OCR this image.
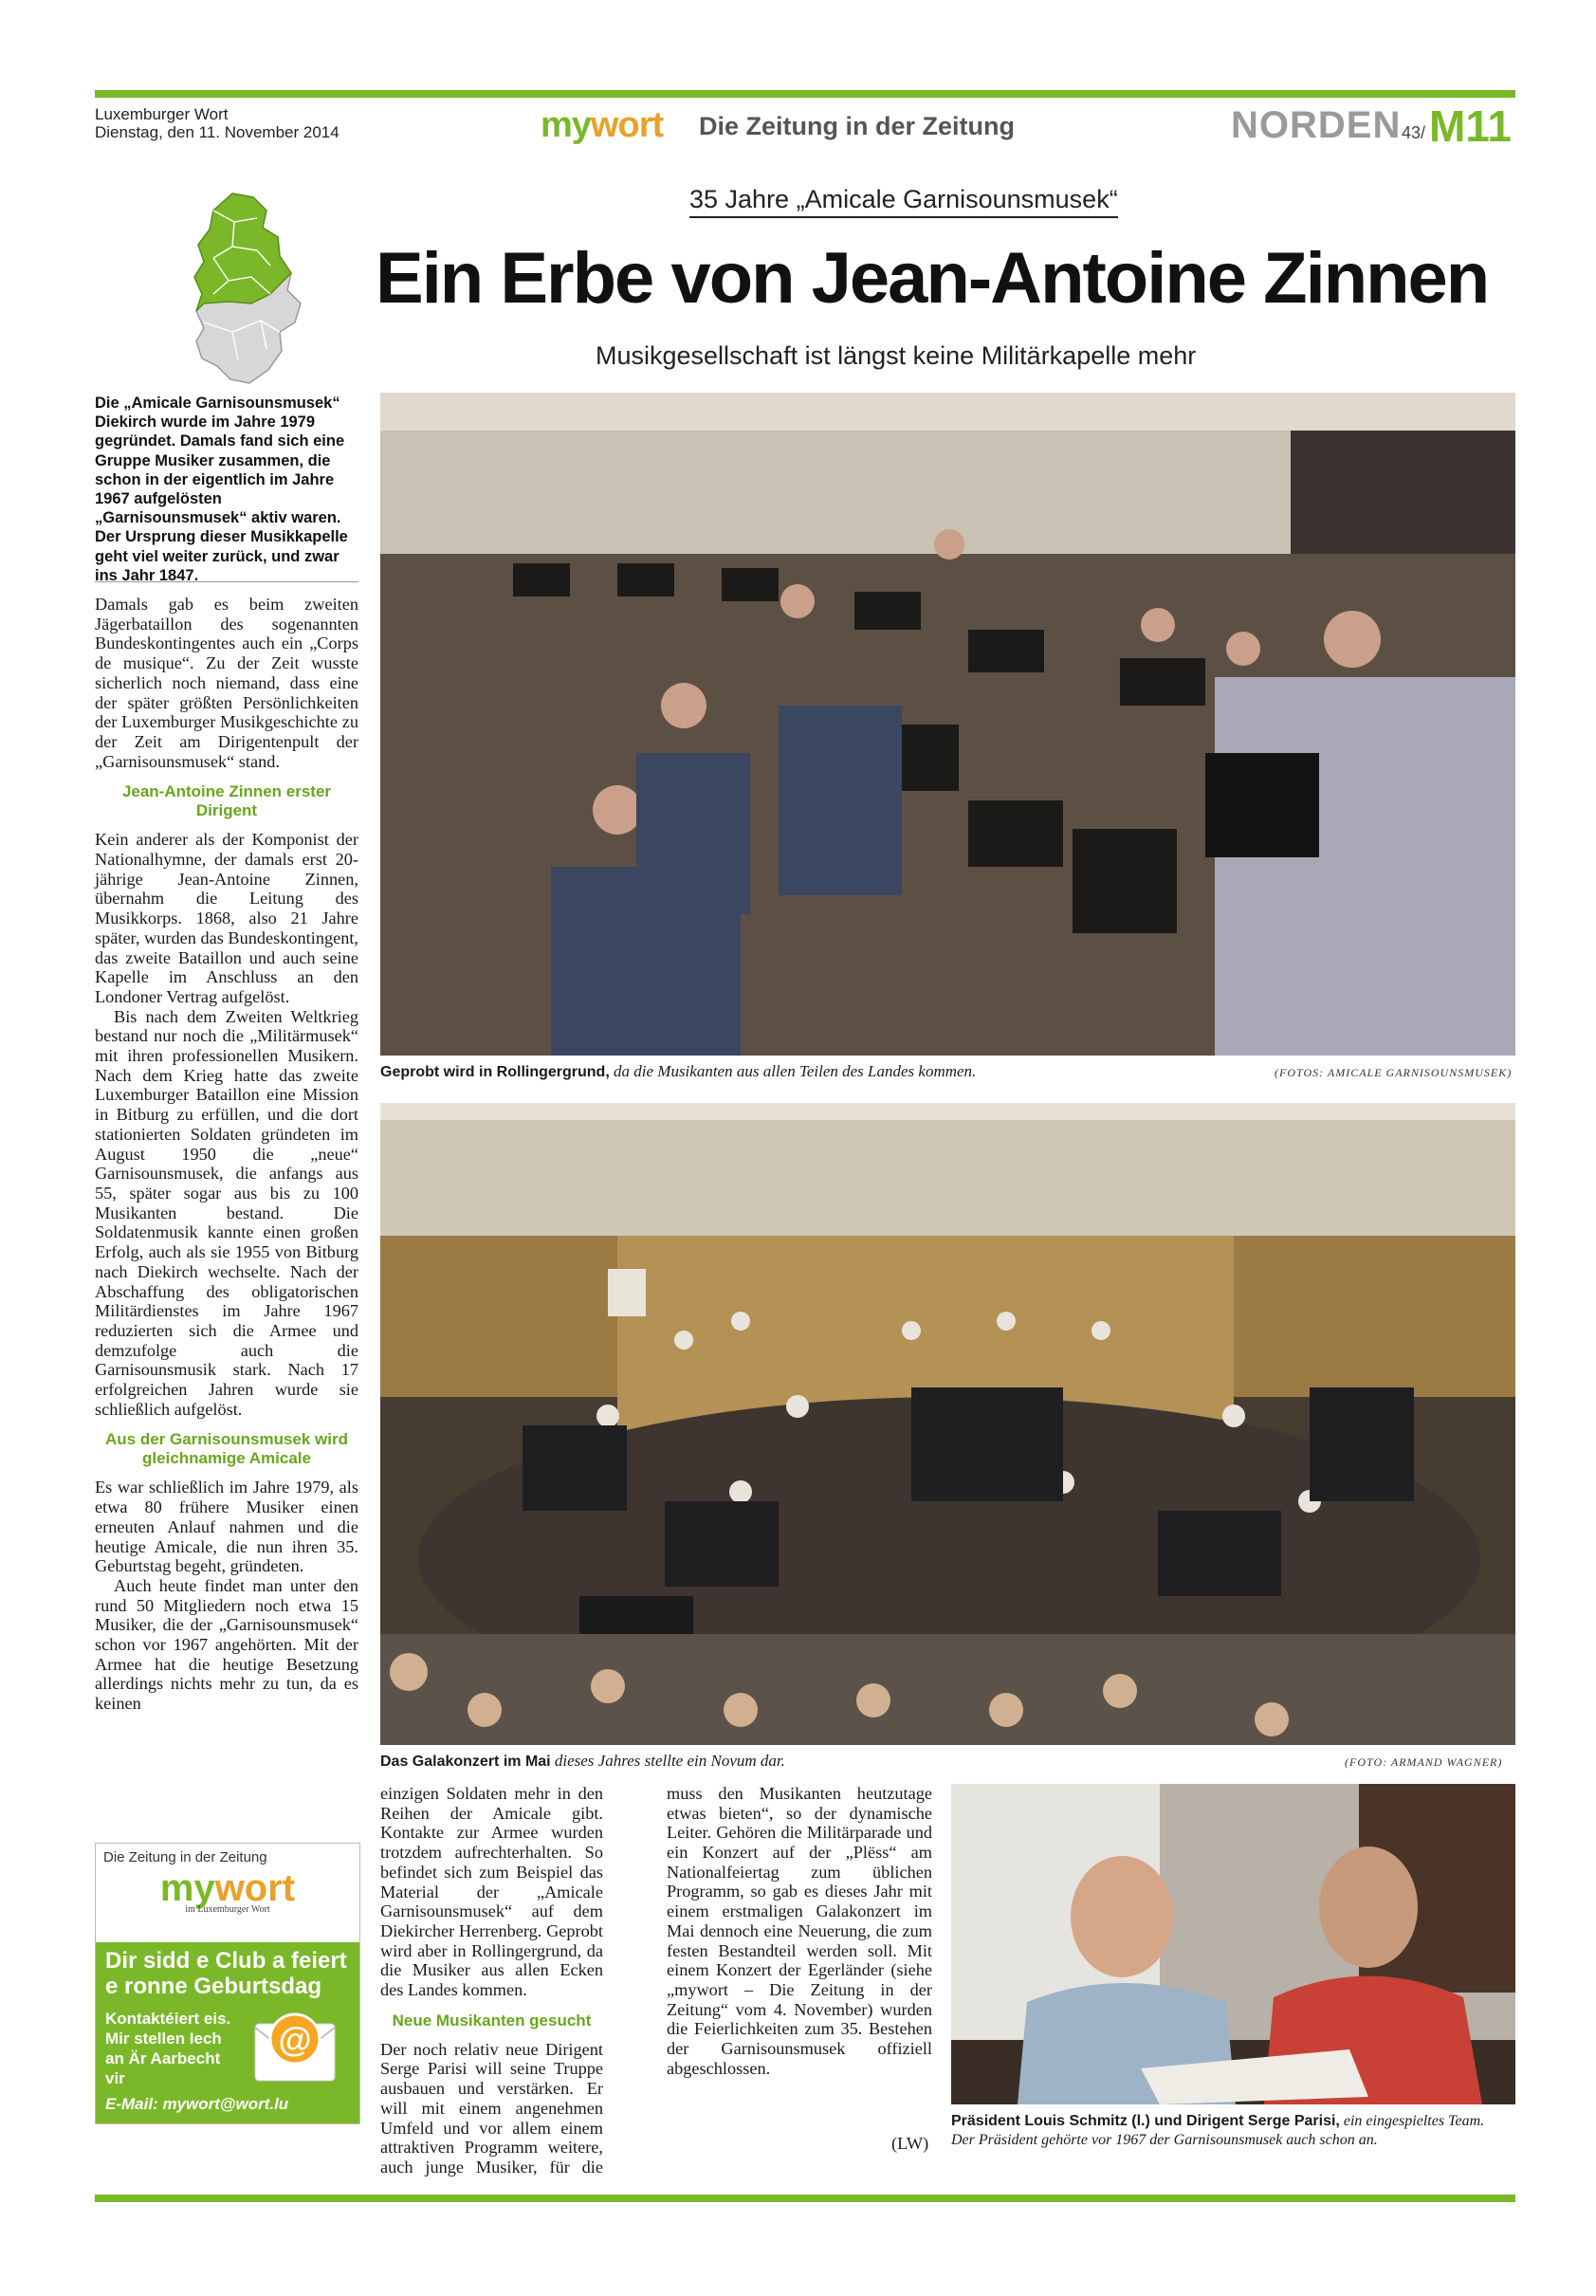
Luxemburger Wort
Dienstag, den 11. November 2014	mywort Die Zeitung in der Zeitung	NORDEN 43/ M11
35 Jahre „Amicale Garnisounsmusek“
Ein Erbe von Jean-Antoine Zinnen
Musikgesellschaft ist längst keine Militärkapelle mehr
Die „Amicale Garnisounsmusek“ Diekirch wurde im Jahre 1979 gegründet. Damals fand sich eine Gruppe Musiker zusammen, die schon in der eigentlich im Jahre 1967 aufgelösten „Garnisounsmusek“ aktiv waren. Der Ursprung dieser Musikkapelle geht viel weiter zurück, und zwar ins Jahr 1847.

Damals gab es beim zweiten Jägerbataillon des sogenannten Bundeskontingentes auch ein „Corps de musique“. Zu der Zeit wusste sicherlich noch niemand, dass eine der später größten Persönlichkeiten der Luxemburger Musikgeschichte zu der Zeit am Dirigentenpult der „Garnisounsmusek“ stand.

Jean-Antoine Zinnen erster Dirigent

Kein anderer als der Komponist der Nationalhymne, der damals erst 20-jährige Jean-Antoine Zinnen, übernahm die Leitung des Musikkorps. 1868, also 21 Jahre später, wurden das Bundeskontingent, das zweite Bataillon und auch seine Kapelle im Anschluss an den Londoner Vertrag aufgelöst.

Bis nach dem Zweiten Weltkrieg bestand nur noch die „Militärmusek“ mit ihren professionellen Musikern. Nach dem Krieg hatte das zweite Luxemburger Bataillon eine Mission in Bitburg zu erfüllen, und die dort stationierten Soldaten gründeten im August 1950 die „neue“ Garnisounsmusek, die anfangs aus 55, später sogar aus bis zu 100 Musikanten bestand. Die Soldatenmusik kannte einen großen Erfolg, auch als sie 1955 von Bitburg nach Diekirch wechselte. Nach der Abschaffung des obligatorischen Militärdienstes im Jahre 1967 reduzierten sich die Armee und demzufolge auch die Garnisounsmusik stark. Nach 17 erfolgreichen Jahren wurde sie schließlich aufgelöst.

Aus der Garnisounsmusek wird gleichnamige Amicale

Es war schließlich im Jahre 1979, als etwa 80 frühere Musiker einen erneuten Anlauf nahmen und die heutige Amicale, die nun ihren 35. Geburtstag begeht, gründeten.

Auch heute findet man unter den rund 50 Mitgliedern noch etwa 15 Musiker, die der „Garnisounsmusek“ schon vor 1967 angehörten. Mit der Armee hat die heutige Besetzung allerdings nichts mehr zu tun, da es keinen

Geprobt wird in Rollingergrund, da die Musikanten aus allen Teilen des Landes kommen.	(FOTOS: AMICALE GARNISOUNSMUSEK)
Das Galakonzert im Mai dieses Jahres stellte ein Novum dar.	(FOTO: ARMAND WAGNER)

einzigen Soldaten mehr in den Reihen der Amicale gibt. Kontakte zur Armee wurden trotzdem aufrechterhalten. So befindet sich zum Beispiel das Material der „Amicale Garnisounsmusek“ auf dem Diekircher Herrenberg. Geprobt wird aber in Rollingergrund, da die Musiker aus allen Ecken des Landes kommen.

Neue Musikanten gesucht

Der noch relativ neue Dirigent Serge Parisi will seine Truppe ausbauen und verstärken. Er will mit einem angenehmen Umfeld und vor allem einem attraktiven Programm weitere, auch junge Musiker, für die

muss den Musikanten heutzutage etwas bieten“, so der dynamische Leiter. Gehören die Militärparade und ein Konzert auf der „Plëss“ am Nationalfeiertag zum üblichen Programm, so gab es dieses Jahr mit einem erstmaligen Galakonzert im Mai dennoch eine Neuerung, die zum festen Bestandteil werden soll. Mit einem Konzert der Egerländer (siehe „mywort – Die Zeitung in der Zeitung“ vom 4. November) wurden die Feierlichkeiten zum 35. Bestehen der Garnisounsmusek offiziell abgeschlossen.

(LW)
Präsident Louis Schmitz (l.) und Dirigent Serge Parisi, ein eingespieltes Team.
Der Präsident gehörte vor 1967 der Garnisounsmusek auch schon an.
Die Zeitung in der Zeitung
mywort
im Luxemburger Wort
Dir sidd e Club a feiert e ronne Geburtsdag
Kontaktéiert eis. Mir stellen Iech an Är Aarbecht vir
@
E-Mail: mywort@wort.lu
